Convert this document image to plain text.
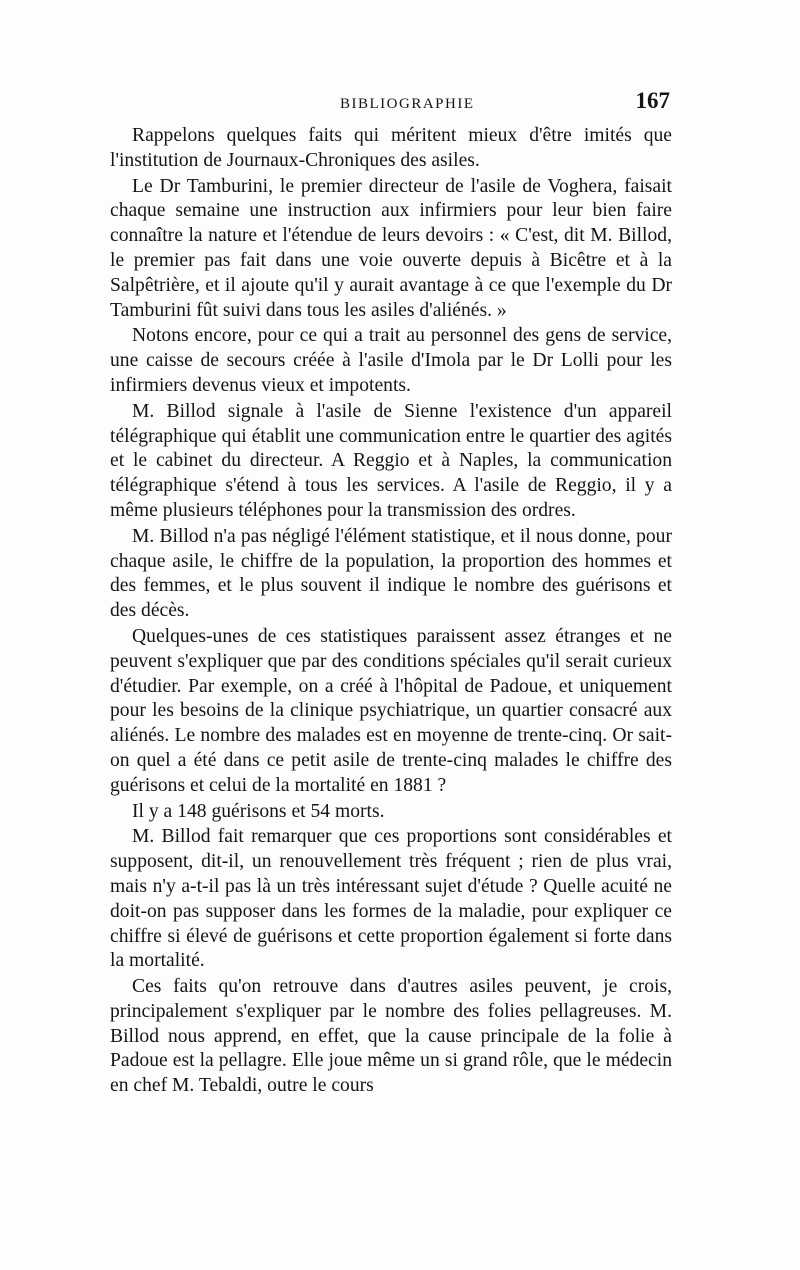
BIBLIOGRAPHIE	167

Rappelons quelques faits qui méritent mieux d'être imités que l'institution de Journaux-Chroniques des asiles.

Le Dr Tamburini, le premier directeur de l'asile de Voghera, faisait chaque semaine une instruction aux infirmiers pour leur bien faire connaître la nature et l'étendue de leurs devoirs : « C'est, dit M. Billod, le premier pas fait dans une voie ouverte depuis à Bicêtre et à la Salpêtrière, et il ajoute qu'il y aurait avantage à ce que l'exemple du Dr Tamburini fût suivi dans tous les asiles d'aliénés. »

Notons encore, pour ce qui a trait au personnel des gens de service, une caisse de secours créée à l'asile d'Imola par le Dr Lolli pour les infirmiers devenus vieux et impotents.

M. Billod signale à l'asile de Sienne l'existence d'un appareil télégraphique qui établit une communication entre le quartier des agités et le cabinet du directeur. A Reggio et à Naples, la communication télégraphique s'étend à tous les services. A l'asile de Reggio, il y a même plusieurs téléphones pour la transmission des ordres.

M. Billod n'a pas négligé l'élément statistique, et il nous donne, pour chaque asile, le chiffre de la population, la proportion des hommes et des femmes, et le plus souvent il indique le nombre des guérisons et des décès.

Quelques-unes de ces statistiques paraissent assez étranges et ne peuvent s'expliquer que par des conditions spéciales qu'il serait curieux d'étudier. Par exemple, on a créé à l'hôpital de Padoue, et uniquement pour les besoins de la clinique psychiatrique, un quartier consacré aux aliénés. Le nombre des malades est en moyenne de trente-cinq. Or sait-on quel a été dans ce petit asile de trente-cinq malades le chiffre des guérisons et celui de la mortalité en 1881 ?

Il y a 148 guérisons et 54 morts.

M. Billod fait remarquer que ces proportions sont considérables et supposent, dit-il, un renouvellement très fréquent ; rien de plus vrai, mais n'y a-t-il pas là un très intéressant sujet d'étude ? Quelle acuité ne doit-on pas supposer dans les formes de la maladie, pour expliquer ce chiffre si élevé de guérisons et cette proportion également si forte dans la mortalité.

Ces faits qu'on retrouve dans d'autres asiles peuvent, je crois, principalement s'expliquer par le nombre des folies pellagreuses. M. Billod nous apprend, en effet, que la cause principale de la folie à Padoue est la pellagre. Elle joue même un si grand rôle, que le médecin en chef M. Tebaldi, outre le cours
